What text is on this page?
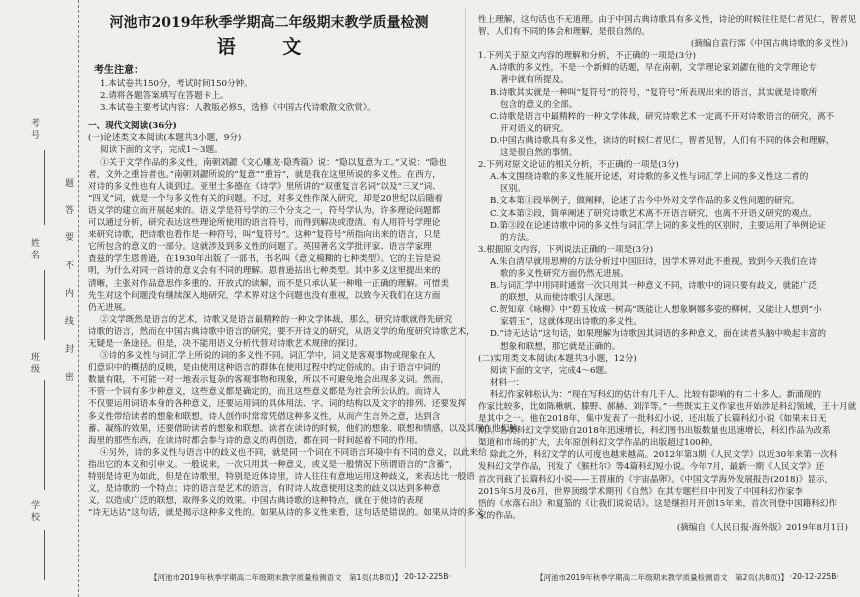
考号
姓名
班级
学校
题
答
要
不
内
线
封
密
河池市2019年秋季学期高二年级期末教学质量检测
语 文
考生注意：

1.本试卷共150分，考试时间150分钟。

2.请将各题答案填写在答题卡上。

3.本试卷主要考试内容：人教版必修5，选修《中国古代诗歌散文欣赏》。

一、现代文阅读(36分)

(一)论述类文本阅读(本题共3小题，9分)

阅读下面的文字，完成1～3题。

①关于文学作品的多义性，南朝刘勰《文心雕龙·隐秀篇》说：“隐以复意为工。”又说：“隐也

者，文外之重旨者也。”南朝刘勰所说的“复意”“重旨”，就是我在这里所说的多义性。在西方，

对诗的多义性也有人谈到过。亚里士多德在《诗学》里所讲的“双重复言名词”以及“三叉”词、

“四叉”词，就是一个与多义性有关的问题。不过，对多义性作深入研究，却是20世纪以后随着

语义学的建立而开展起来的。语义学是符号学的三个分支之一，符号学认为，许多理论问题都

可以通过分析，研究表达这些理论所使用的语言符号，而得到解决或澄清。有人用符号学理论

来研究诗歌，把诗歌也看作是一种符号，叫“复符号”。这种“复符号”所指向出来的语言，只是

它所包含的意义的一部分。这就涉及到多义性的问题了。英国著名文学批评家、语言学家理

查兹的学生恩普逊，在1930年出版了一部书，书名叫《意义模糊的七种类型》。它的主旨是说

明，为什么对同一首诗的意义会有不同的理解。恩普逊拈出七种类型。其中多义这里提出来的

清晰，主张对作品意思作多重的、开放式的读解，而不是只承认某一种唯一正确的理解。可惜美

先生对这个问题没有继续深入地研究，学术界对这个问题也没有重视，以致今天我们在这方面

仍无进展。

②文学既然是语言的艺术，诗歌又是语言最精粹的一种文学体裁，那么，研究诗歌就得先研究

诗歌的语言，然而在中国古典诗歌中语言的研究，要不开诗义的研究，从语义学的角度研究诗歌艺术，

无疑是一条途径。但是，决不能用语义分析代替对诗歌艺术规律的探讨。

③诗的多义性与词汇学上所说的词的多义性不同。词汇学中，词义是客观事物或现象在人

们意识中的概括的反映，是由使用这种语言的群体在使用过程中约定俗成的。由于语言中词的

数量有限，不可能一对一地表示复杂的客观事物和现象，所以不可避免地会出现多义词。然而，

不管一个词有多少种意义，这些意义都是确定的，而且这些意义都是为社会所公认的。而诗人

不仅要运用词语本身的各种意义，还要运用词的具体用法、字、词的结构以及文字的排列、还要发挥

多义性带给读者的想象和联想，诗人创作时常常凭借这种多义性，从而产生言外之意，达到含

蓄、凝练的效果，还要借助读者的想象和联想。读者在读诗的时候，他们的想象、联想和情感，以及其现在他们脑

海里的那些东西，在读诗时都会参与诗的意义的再创造，都在同一时间起着不同的作用。

④另外，诗的多义性与语言中的歧义也不同，就是同一个词在不同语言环境中有不同的意义，以此来给

指出它的本义和引申义。一般说来，一次只用其一种意义，或义是一般情况下所谓语言的“含蓄”，

特别是诗更为如此，但是在诗歌里，特别是近体诗里，诗人往往有意地运用这种歧义，来表达比一般语

义，是诗歌的一个特点；诗的语言是艺术的语言，有时诗人故意使用这类的歧义以达到多种意

义，以造成广泛的联想，取得多义的效果。中国古典诗歌的这种特点，就在于使诗的表现

“诗无达诂”这句话，就是揭示这种多义性的。如果从诗的多义性来看，这句话是错误的。如果从诗的多义

性上理解，这句话也不无道理。由于中国古典诗歌具有多义性，诗论的时候往往是仁者见仁，智者见

智，人们有不同的体会和理解，是很自然的。

(摘编自袁行霈《中国古典诗歌的多义性》)

1.下列关于原文内容的理解和分析，不正确的一项是(3分)

A.诗歌的多义性，不是一个新鲜的话题，早在南朝，文学理论家刘勰在他的文学理论专

著中就有所提及。

B.诗歌其实就是一种叫“复符号”的符号，“复符号”所表现出来的语言，其实就是诗歌所

包含的意义的全部。

C.诗歌是语言中最精粹的一种文学体裁，研究诗歌艺术一定离不开对诗歌语言的研究，离不

开对语义的研究。

D.中国古典诗歌具有多义性，读诗的时候仁者见仁，智者见智，人们有不同的体会和理解，

这是很自然的事情。

2.下列对原文论证的相关分析，不正确的一项是(3分)

A.本文围绕诗歌的多义性展开论述，对诗歌的多义性与词汇学上词的多义性这二者的

区别。

B.文本第①段举例子，做阐释，论述了古今中外对文学作品的多义性问题的研究。

C.文本第②段，简单阐述了研究诗歌艺术离不开语言研究，也离不开语义研究的观点。

D.第③段在论述诗歌中词的多义性与词汇学上词的多义性的区别时，主要运用了举例论证

的方法。

3.根据原文内容，下列说法正确的一项是(3分)

A.朱自清早就用思辨的方法分析过中国旧诗，因学术界对此不重视，致到今天我们在诗

歌的多义性研究方面仍然无进展。

B.与词汇学中用同时通常一次只用其一种意义不同，诗歌中的词只要有歧义，就能广泛

的联想，从而使诗歌引人深思。

C.贺知章《咏柳》中“碧玉妆成一树高”既能让人想象婀娜多姿的柳树，又能让人想到“小

家碧玉”，这就体现出诗歌的多义性。

D.“诗无达诂”这句话，如果理解为诗歌因其词语的多种意义，面在读者头脑中唤起丰富的

想象和联想，那它就是正确的。

(二)实用类文本阅读(本题共3小题，12分)

阅读下面的文字，完成4～6题。

材料一：

科幻作家韩松认为：“现在写科幻的估计有几千人。比较有影响的有二十多人。新涌现的

作家比较多，比如陈楸帆、滕野、郝赫、刘洋等。”一些既实主义作家也开始涉足科幻领域，王十月就

是其中之一。他在2018年，集中发表了一批科幻小说，还出版了长篇科幻小说《如果末日无

期》。各类科幻文学奖励自2018年迅速增长，科幻图书出版数量也迅速增长，科幻作品为改系

渠道和市场的扩大，去年原创科幻文学作品的出版超过100种。

除此之外，科幻文学的认可度也越来越高。2012年第3期《人民文学》以近30年来第一次科

发科幻文学作品，刊发了《猴杜尔》等4篇科幻短小说。今年7月，最新一期《人民文学》还

首次刊载了长篇科幻小说——王晋康的《宇宙晶卵》。《中国文学海外发展报告(2018)》显示，

2015年5月及6月，世界顶级学术期刊《自然》在其专题栏目中刊发了中国科幻作家李

悟的《水落石出》和夏笳的《让我们说说话》。这是继担月开创15年来，首次刊登中国籍科幻作

家的作品。

(摘编自《人民日报·海外版》2019年8月1日)

【河池市2019年秋季学期高二年级期末教学质量检测语文　第1页(共8页)】 ·20-12-225B·	【河池市2019年秋季学期高二年级期末教学质量检测语文　第2页(共8页)】 ·20-12-225B·
